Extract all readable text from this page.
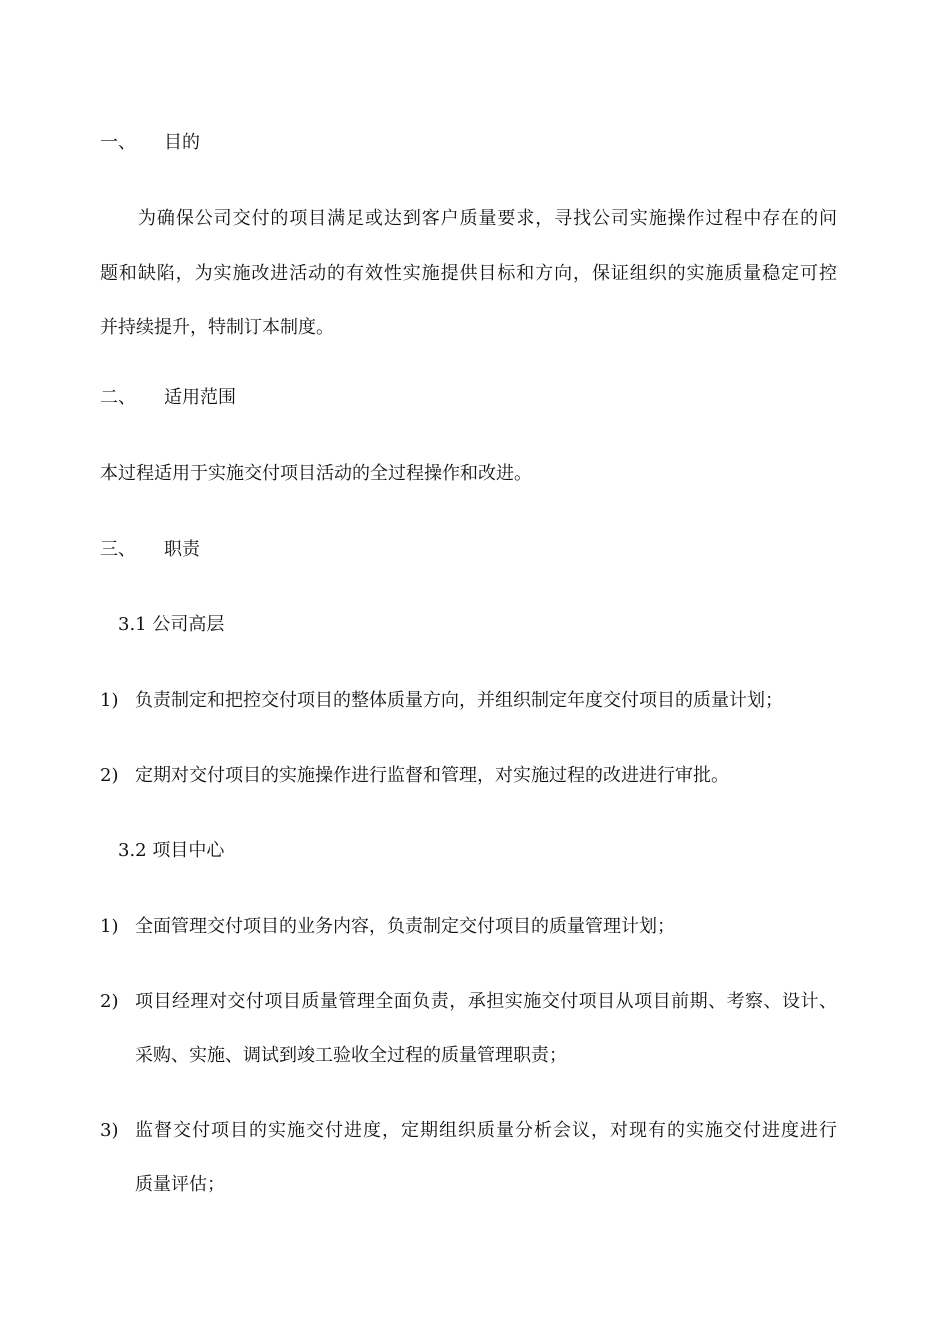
一、 目的
为确保公司交付的项目满足或达到客户质量要求，寻找公司实施操作过程中存在的问
题和缺陷，为实施改进活动的有效性实施提供目标和方向，保证组织的实施质量稳定可控
并持续提升，特制订本制度。
二、 适用范围
本过程适用于实施交付项目活动的全过程操作和改进。
三、 职责
3.1 公司高层
1) 负责制定和把控交付项目的整体质量方向，并组织制定年度交付项目的质量计划；
2) 定期对交付项目的实施操作进行监督和管理，对实施过程的改进进行审批。
3.2 项目中心
1) 全面管理交付项目的业务内容，负责制定交付项目的质量管理计划；
2) 项目经理对交付项目质量管理全面负责，承担实施交付项目从项目前期、考察、设计、
采购、实施、调试到竣工验收全过程的质量管理职责；
3) 监督交付项目的实施交付进度，定期组织质量分析会议，对现有的实施交付进度进行
质量评估；
